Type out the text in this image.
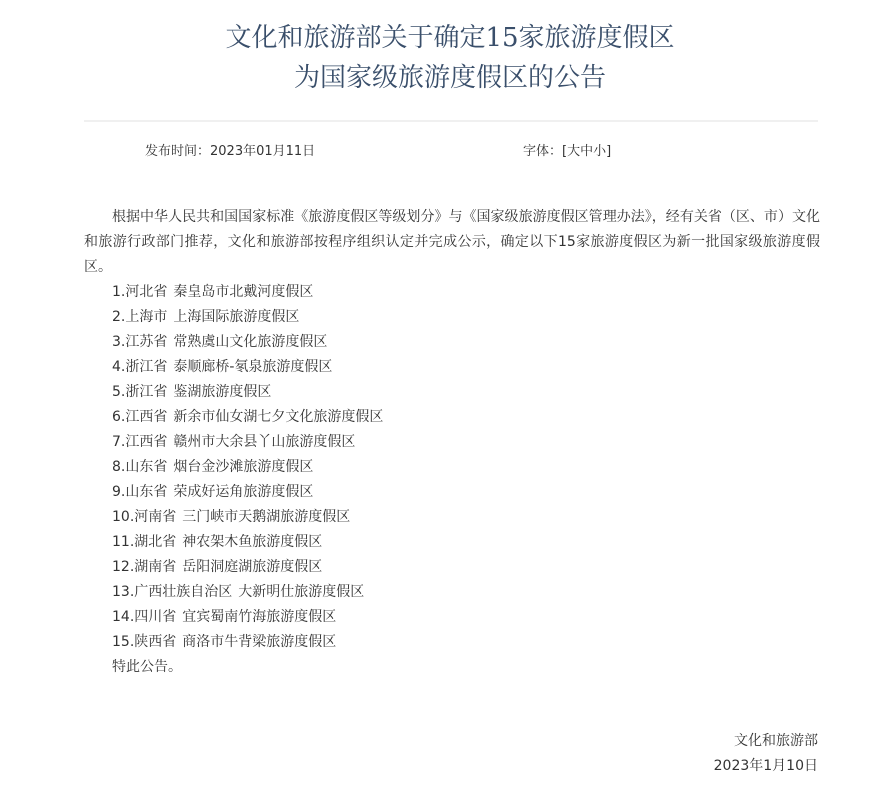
文化和旅游部关于确定15家旅游度假区
为国家级旅游度假区的公告
发布时间：2023年01月11日	字体：[大中小]

根据中华人民共和国国家标准《旅游度假区等级划分》与《国家级旅游度假区管理办法》，经有关省（区、市）文化和旅游行政部门推荐，文化和旅游部按程序组织认定并完成公示，确定以下15家旅游度假区为新一批国家级旅游度假区。

1.河北省 秦皇岛市北戴河度假区

2.上海市 上海国际旅游度假区

3.江苏省 常熟虞山文化旅游度假区

4.浙江省 泰顺廊桥-氡泉旅游度假区

5.浙江省 鉴湖旅游度假区

6.江西省 新余市仙女湖七夕文化旅游度假区

7.江西省 赣州市大余县丫山旅游度假区

8.山东省 烟台金沙滩旅游度假区

9.山东省 荣成好运角旅游度假区

10.河南省 三门峡市天鹅湖旅游度假区

11.湖北省 神农架木鱼旅游度假区

12.湖南省 岳阳洞庭湖旅游度假区

13.广西壮族自治区 大新明仕旅游度假区

14.四川省 宜宾蜀南竹海旅游度假区

15.陕西省 商洛市牛背梁旅游度假区

特此公告。

文化和旅游部
2023年1月10日
